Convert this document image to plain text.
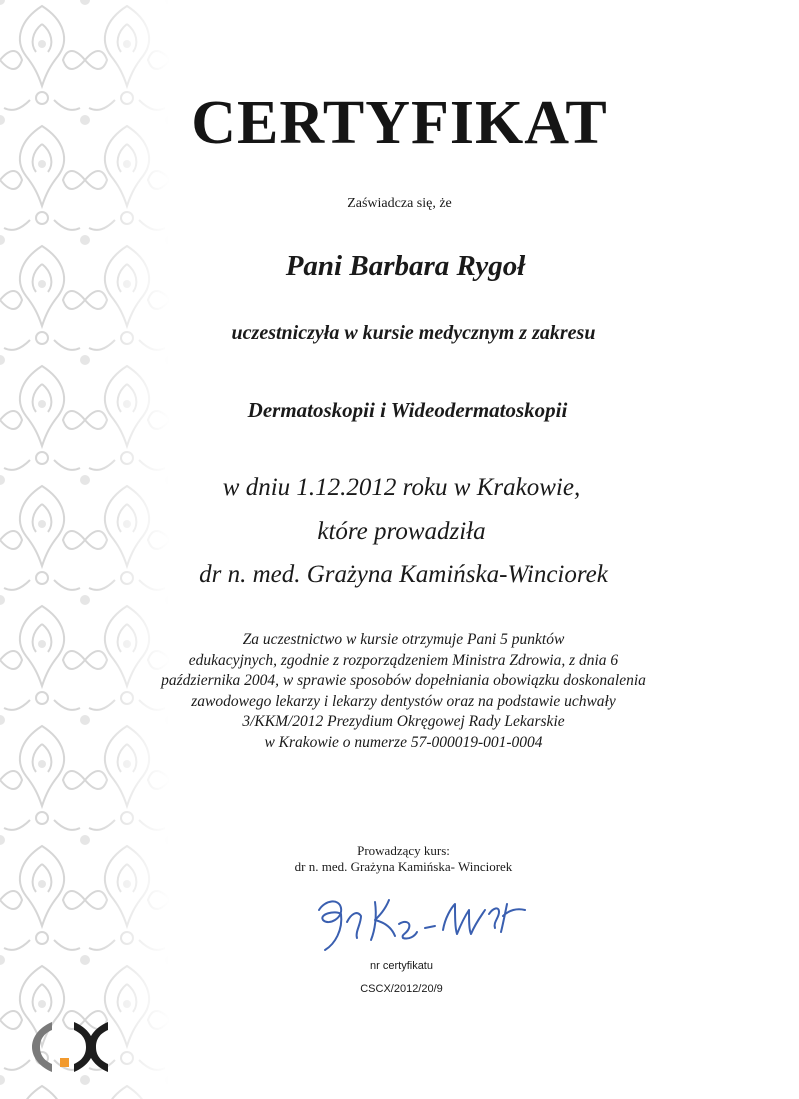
CERTYFIKAT
Zaświadcza się, że
Pani Barbara Rygoł
uczestniczyła w kursie medycznym z zakresu
Dermatoskopii i Wideodermatoskopii
w dniu 1.12.2012 roku w Krakowie,
które prowadziła
dr n. med. Grażyna Kamińska-Winciorek
Za uczestnictwo w kursie otrzymuje Pani 5 punktów
edukacyjnych, zgodnie z rozporządzeniem Ministra Zdrowia, z dnia 6
października 2004, w sprawie sposobów dopełniania obowiązku doskonalenia
zawodowego lekarzy i lekarzy dentystów oraz na podstawie uchwały
3/KKM/2012 Prezydium Okręgowej Rady Lekarskie
w Krakowie o numerze 57-000019-001-0004
Prowadzący kurs:
dr n. med. Grażyna Kamińska- Winciorek
nr certyfikatu
CSCX/2012/20/9
